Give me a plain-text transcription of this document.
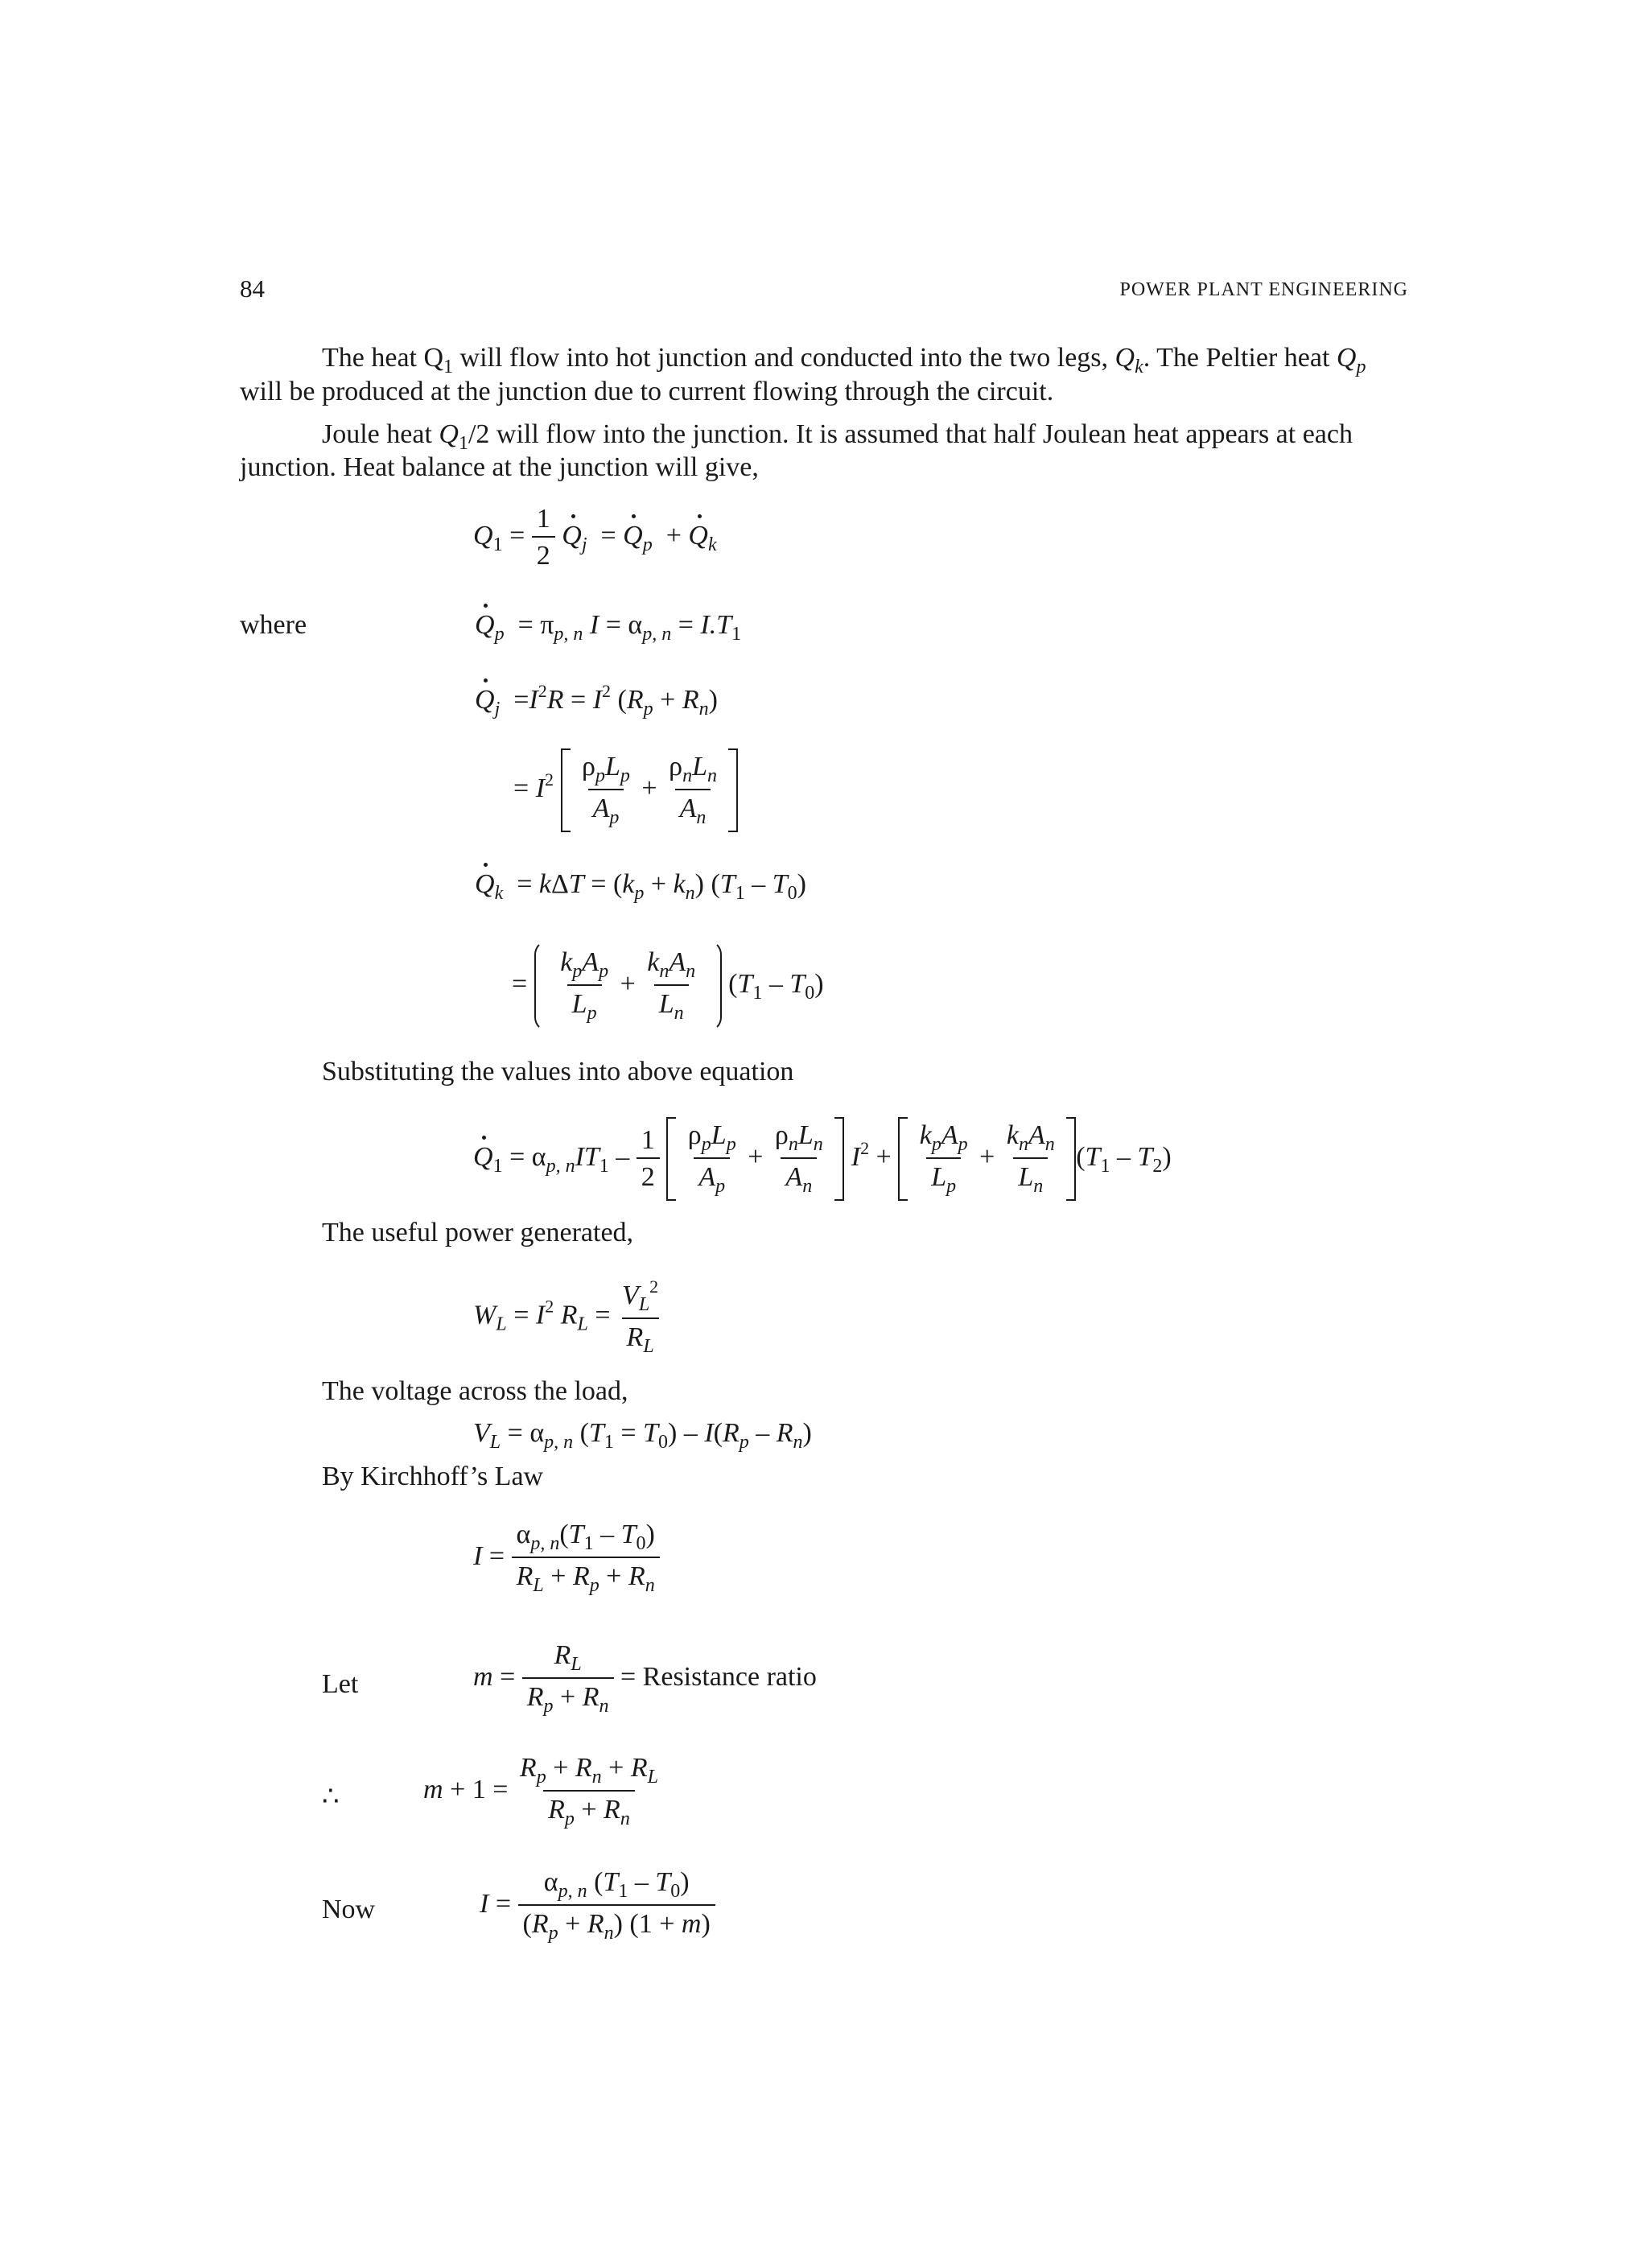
84	POWER PLANT ENGINEERING
The heat $Q_1$ will flow into hot junction and conducted into the two legs, $Q_k$. The Peltier heat $Q_p$
will be produced at the junction due to current flowing through the circuit.
Joule heat $Q_1/2$ will flow into the junction. It is assumed that half Joulean heat appears at each
junction. Heat balance at the junction will give,
$Q_1 = \frac{1}{2} Q_j = Q_p + Q_k$
where	$Q_p = \pi_{p, n}$ $I = \alpha_{p, n} = I.T_1$
$Q_j =I^2R = I^2$ $(R_p + R_n)$
= $I^2 \frac{\rho_pL_p}{A_p} + \frac{\rho_nL_n}{A_n}$

$Q_k = k\Delta T = (k_p + k_n)$ $(T_1 - T_0)$
= $\frac{k_pA_p}{L_p} + \frac{k_nA_n}{L_n} (T_1 - T_0)$
Substituting the values into above equation
$Q_1 = \alpha_{p, n}IT_1 - \frac{1}{2}$
$\frac{\rho_pL_p}{A_p} + \frac{\rho_nL_n}{A_n} I^2 + \frac{k_pA_p}{L_p} + \frac{k_nA_n}{L_n} (T_1 - T_2)$
The useful power generated,
$W_L = I^2$ $R_L = \frac{V_L^2}{R_L}$
The voltage across the load,
$V_L = \alpha_{p, n}$ $(T_1 = T_0) - I(R_p - R_n)$
By Kirchhoff’s Law
$I = \frac{\alpha_{p, n}(T_1 - T_0)}{R_L + R_p + R_n}$
Let	$m = \frac{R_L}{R_p + R_n}$ = Resistance ratio
∴	$m + 1 = \frac{R_p + R_n + R_L}{R_p + R_n}$
Now	$I = \frac{\alpha_{p, n} (T_1 - T_0)}{(R_p + R_n) (1 + m)}$
